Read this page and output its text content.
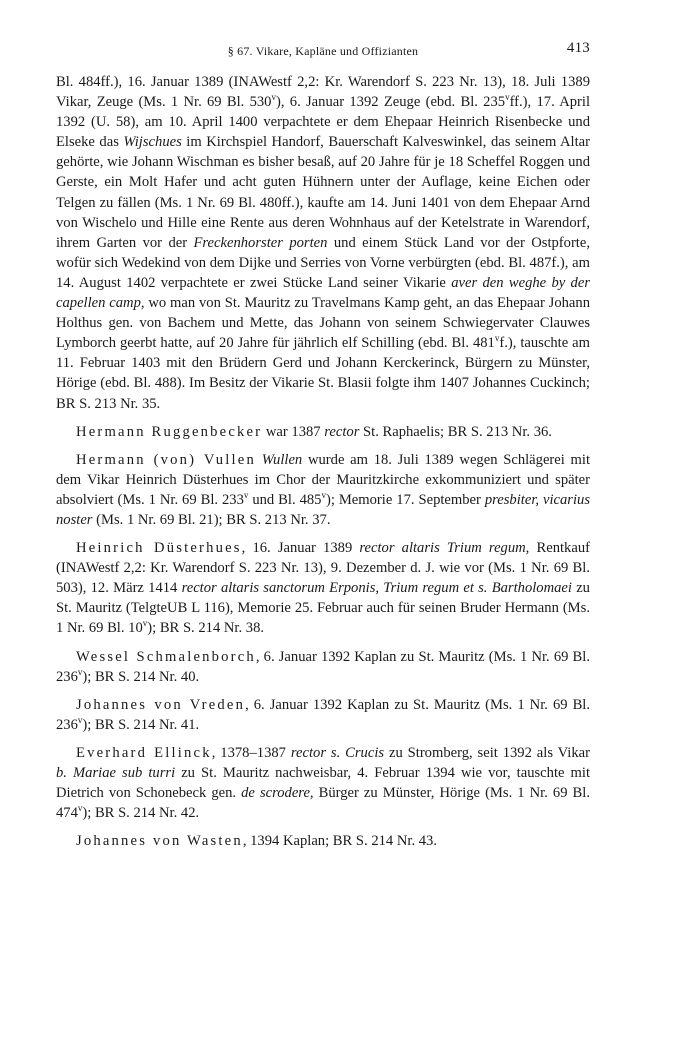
§ 67. Vikare, Kapläne und Offizianten	413

Bl. 484ff.), 16. Januar 1389 (INAWestf 2,2: Kr. Warendorf S. 223 Nr. 13), 18. Juli 1389 Vikar, Zeuge (Ms. 1 Nr. 69 Bl. 530$^v$), 6. Januar 1392 Zeuge (ebd. Bl. 235$^v$ff.), 17. April 1392 (U. 58), am 10. April 1400 verpachtete er dem Ehepaar Heinrich Risenbecke und Elseke das Wijschues im Kirchspiel Handorf, Bauerschaft Kalveswinkel, das seinem Altar gehörte, wie Johann Wischman es bisher besaß, auf 20 Jahre für je 18 Scheffel Roggen und Gerste, ein Molt Hafer und acht guten Hühnern unter der Auflage, keine Eichen oder Telgen zu fällen (Ms. 1 Nr. 69 Bl. 480ff.), kaufte am 14. Juni 1401 von dem Ehepaar Arnd von Wischelo und Hille eine Rente aus deren Wohnhaus auf der Ketelstrate in Warendorf, ihrem Garten vor der Freckenhorster porten und einem Stück Land vor der Ostpforte, wofür sich Wedekind von dem Dijke und Serries von Vorne verbürgten (ebd. Bl. 487f.), am 14. August 1402 verpachtete er zwei Stücke Land seiner Vikarie aver den weghe by der capellen camp, wo man von St. Mauritz zu Travelmans Kamp geht, an das Ehepaar Johann Holthus gen. von Bachem und Mette, das Johann von seinem Schwiegervater Clauwes Lymborch geerbt hatte, auf 20 Jahre für jährlich elf Schilling (ebd. Bl. 481$^v$f.), tauschte am 11. Februar 1403 mit den Brüdern Gerd und Johann Kerckerinck, Bürgern zu Münster, Hörige (ebd. Bl. 488). Im Besitz der Vikarie St. Blasii folgte ihm 1407 Johannes Cuckinch; BR S. 213 Nr. 35.

Hermann Ruggenbecker war 1387 rector St. Raphaelis; BR S. 213 Nr. 36.

Hermann (von) Vullen Wullen wurde am 18. Juli 1389 wegen Schlägerei mit dem Vikar Heinrich Düsterhues im Chor der Mauritzkirche exkommuniziert und später absolviert (Ms. 1 Nr. 69 Bl. 233$^v$ und Bl. 485$^v$); Memorie 17. September presbiter, vicarius noster (Ms. 1 Nr. 69 Bl. 21); BR S. 213 Nr. 37.

Heinrich Düsterhues, 16. Januar 1389 rector altaris Trium regum, Rentkauf (INAWestf 2,2: Kr. Warendorf S. 223 Nr. 13), 9. Dezember d. J. wie vor (Ms. 1 Nr. 69 Bl. 503), 12. März 1414 rector altaris sanctorum Erponis, Trium regum et s. Bartholomaei zu St. Mauritz (TelgteUB L 116), Memorie 25. Februar auch für seinen Bruder Hermann (Ms. 1 Nr. 69 Bl. 10$^v$); BR S. 214 Nr. 38.

Wessel Schmalenborch, 6. Januar 1392 Kaplan zu St. Mauritz (Ms. 1 Nr. 69 Bl. 236$^v$); BR S. 214 Nr. 40.

Johannes von Vreden, 6. Januar 1392 Kaplan zu St. Mauritz (Ms. 1 Nr. 69 Bl. 236$^v$); BR S. 214 Nr. 41.

Everhard Ellinck, 1378–1387 rector s. Crucis zu Stromberg, seit 1392 als Vikar b. Mariae sub turri zu St. Mauritz nachweisbar, 4. Februar 1394 wie vor, tauschte mit Dietrich von Schonebeck gen. de scrodere, Bürger zu Münster, Hörige (Ms. 1 Nr. 69 Bl. 474$^v$); BR S. 214 Nr. 42.

Johannes von Wasten, 1394 Kaplan; BR S. 214 Nr. 43.
